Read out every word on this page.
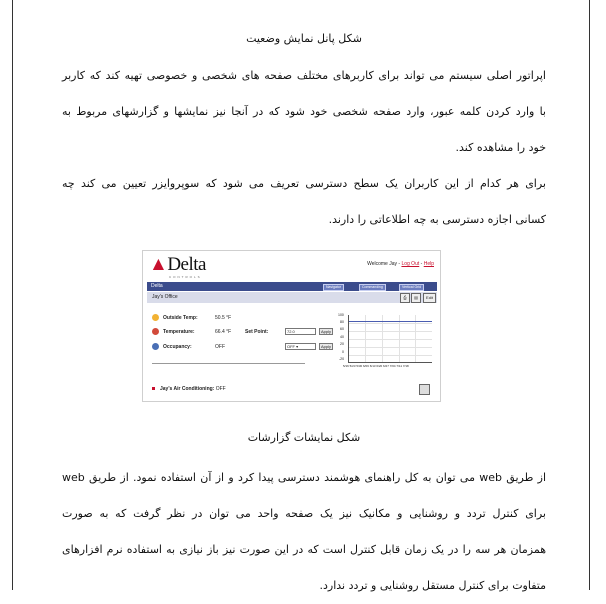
شکل پانل نمایش وضعیت
اپراتور اصلی سیستم می تواند برای کاربرهای مختلف صفحه های شخصی و خصوصی تهیه کند که کاربر
با وارد کردن کلمه عبور، وارد صفحه شخصی خود شود که در آنجا نیز نمایشها و گزارشهای مربوط به
خود را مشاهده کند.
برای هر کدام از این کاربران یک سطح دسترسی تعریف می شود که سوپروایزر تعیین می کند چه
کسانی اجازه دسترسی به چه اطلاعاتی را دارند.
شکل نمایشات گزارشات
از طریق web می توان به کل راهنمای هوشمند دسترسی پیدا کرد و از آن استفاده نمود. از طریق web
برای کنترل تردد و روشنایی و مکانیک نیز یک صفحه واحد می توان در نظر گرفت که به صورت
همزمان هر سه را در یک زمان قابل کنترل است که در این صورت نیز باز نیازی به استفاده نرم افزارهای
متفاوت برای کنترل مستقل روشنایی و تردد ندارد.
▲Delta
CONTROLS
Welcome Jay - Log Out - Help
Delta	Navigator	Commanding	Vertical Grid
Jay's Office	⎙	▤	Edit
Outside Temp:	50.5 °F
Temperature:	66.4 °F	Set Point:	72.0	Apply
Occupancy:	OFF	OFF ▾	Apply
100
80
60
40
20
0
-20
5/16 5/23 5/30 6/06 6/13 6/20 6/27 7/04 7/11 7/18
Jay's Air Conditioning: OFF
